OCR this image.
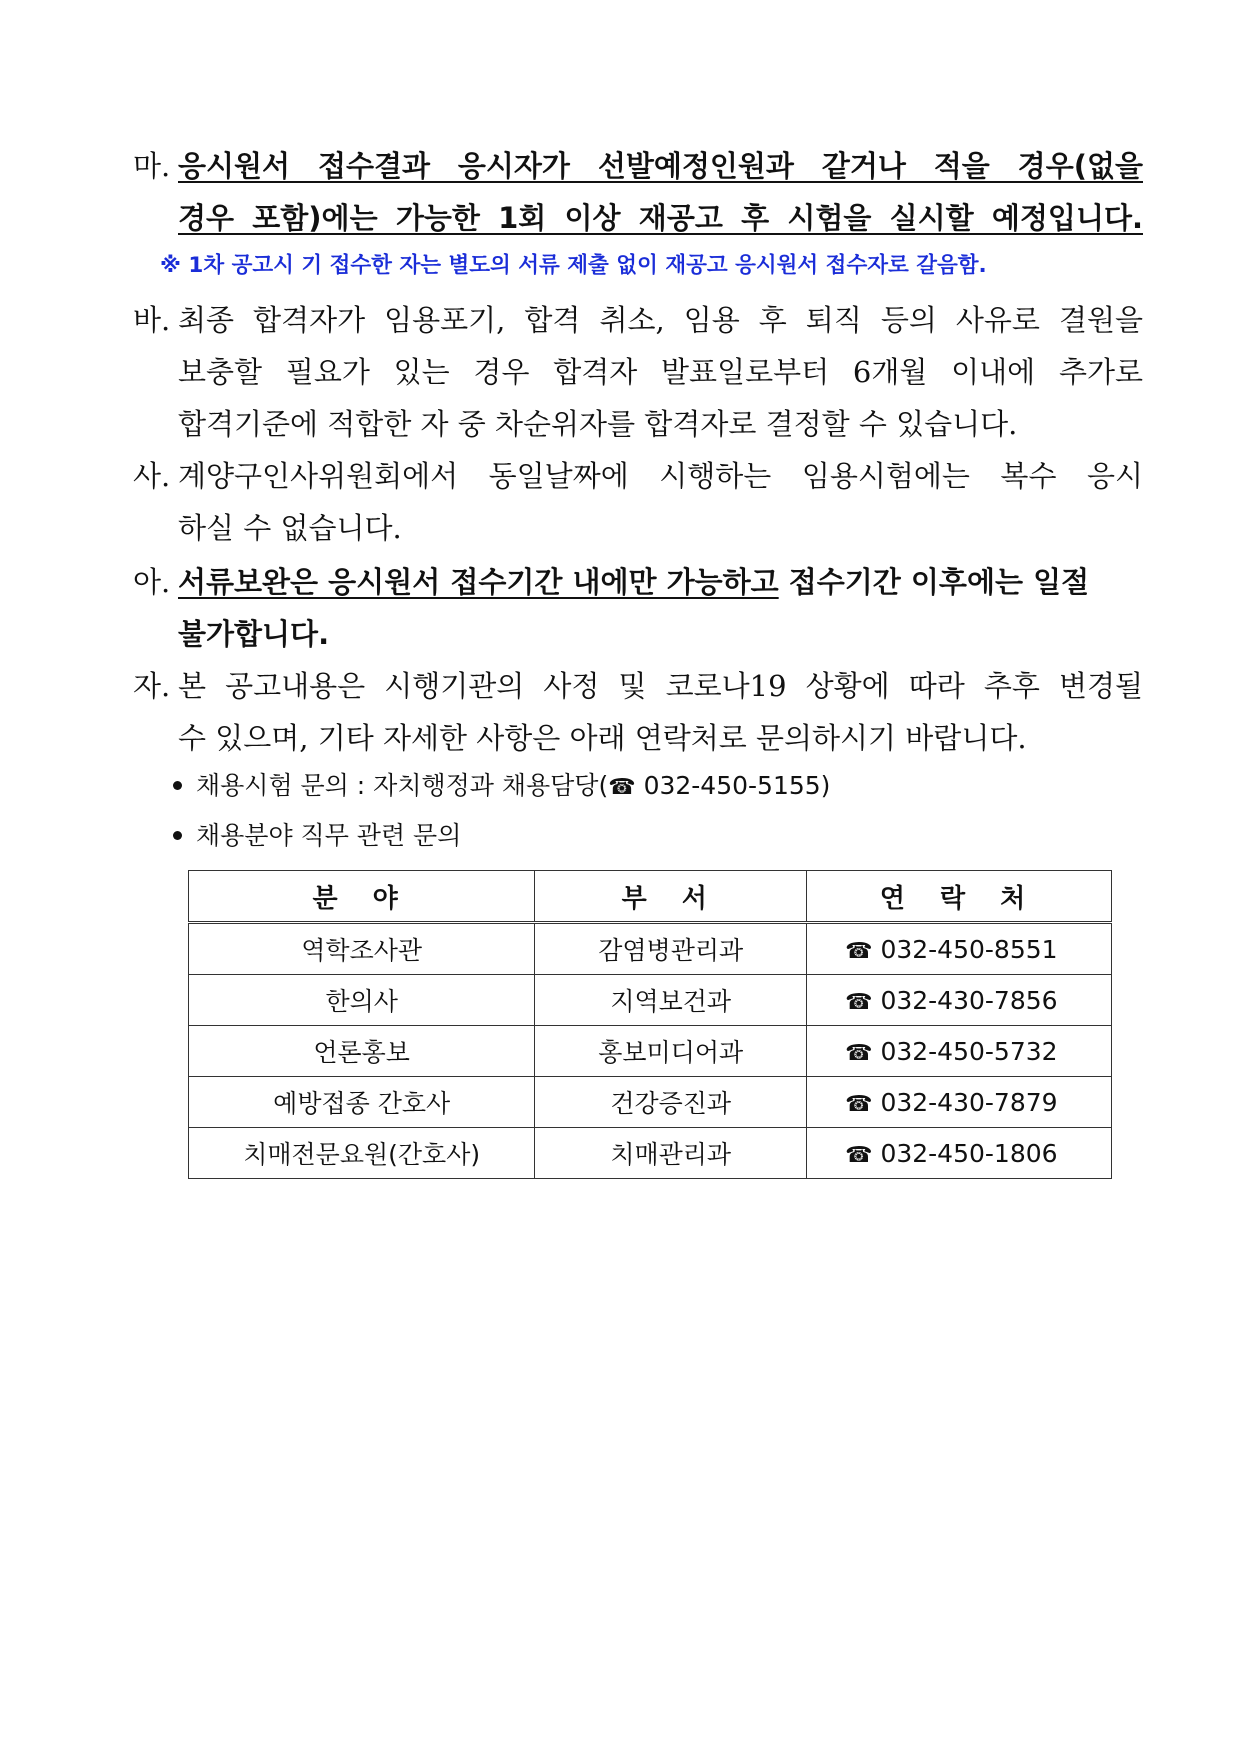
마. 응시원서 접수결과 응시자가 선발예정인원과 같거나 적을 경우(없을
경우 포함)에는 가능한 1회 이상 재공고 후 시험을 실시할 예정입니다.
※ 1차 공고시 기 접수한 자는 별도의 서류 제출 없이 재공고 응시원서 접수자로 갈음함.
바. 최종 합격자가 임용포기, 합격 취소, 임용 후 퇴직 등의 사유로 결원을
보충할 필요가 있는 경우 합격자 발표일로부터 6개월 이내에 추가로
합격기준에 적합한 자 중 차순위자를 합격자로 결정할 수 있습니다.
사. 계양구인사위원회에서 동일날짜에 시행하는 임용시험에는 복수 응시
하실 수 없습니다.
아. 서류보완은 응시원서 접수기간 내에만 가능하고 접수기간 이후에는 일절
불가합니다.
자. 본 공고내용은 시행기관의 사정 및 코로나19 상황에 따라 추후 변경될
수 있으며, 기타 자세한 사항은 아래 연락처로 문의하시기 바랍니다.
채용시험 문의 : 자치행정과 채용담당(☎ 032-450-5155)
채용분야 직무 관련 문의
분 야	부 서	연 락 처
역학조사관	감염병관리과	☎ 032-450-8551
한의사	지역보건과	☎ 032-430-7856
언론홍보	홍보미디어과	☎ 032-450-5732
예방접종 간호사	건강증진과	☎ 032-430-7879
치매전문요원(간호사)	치매관리과	☎ 032-450-1806
